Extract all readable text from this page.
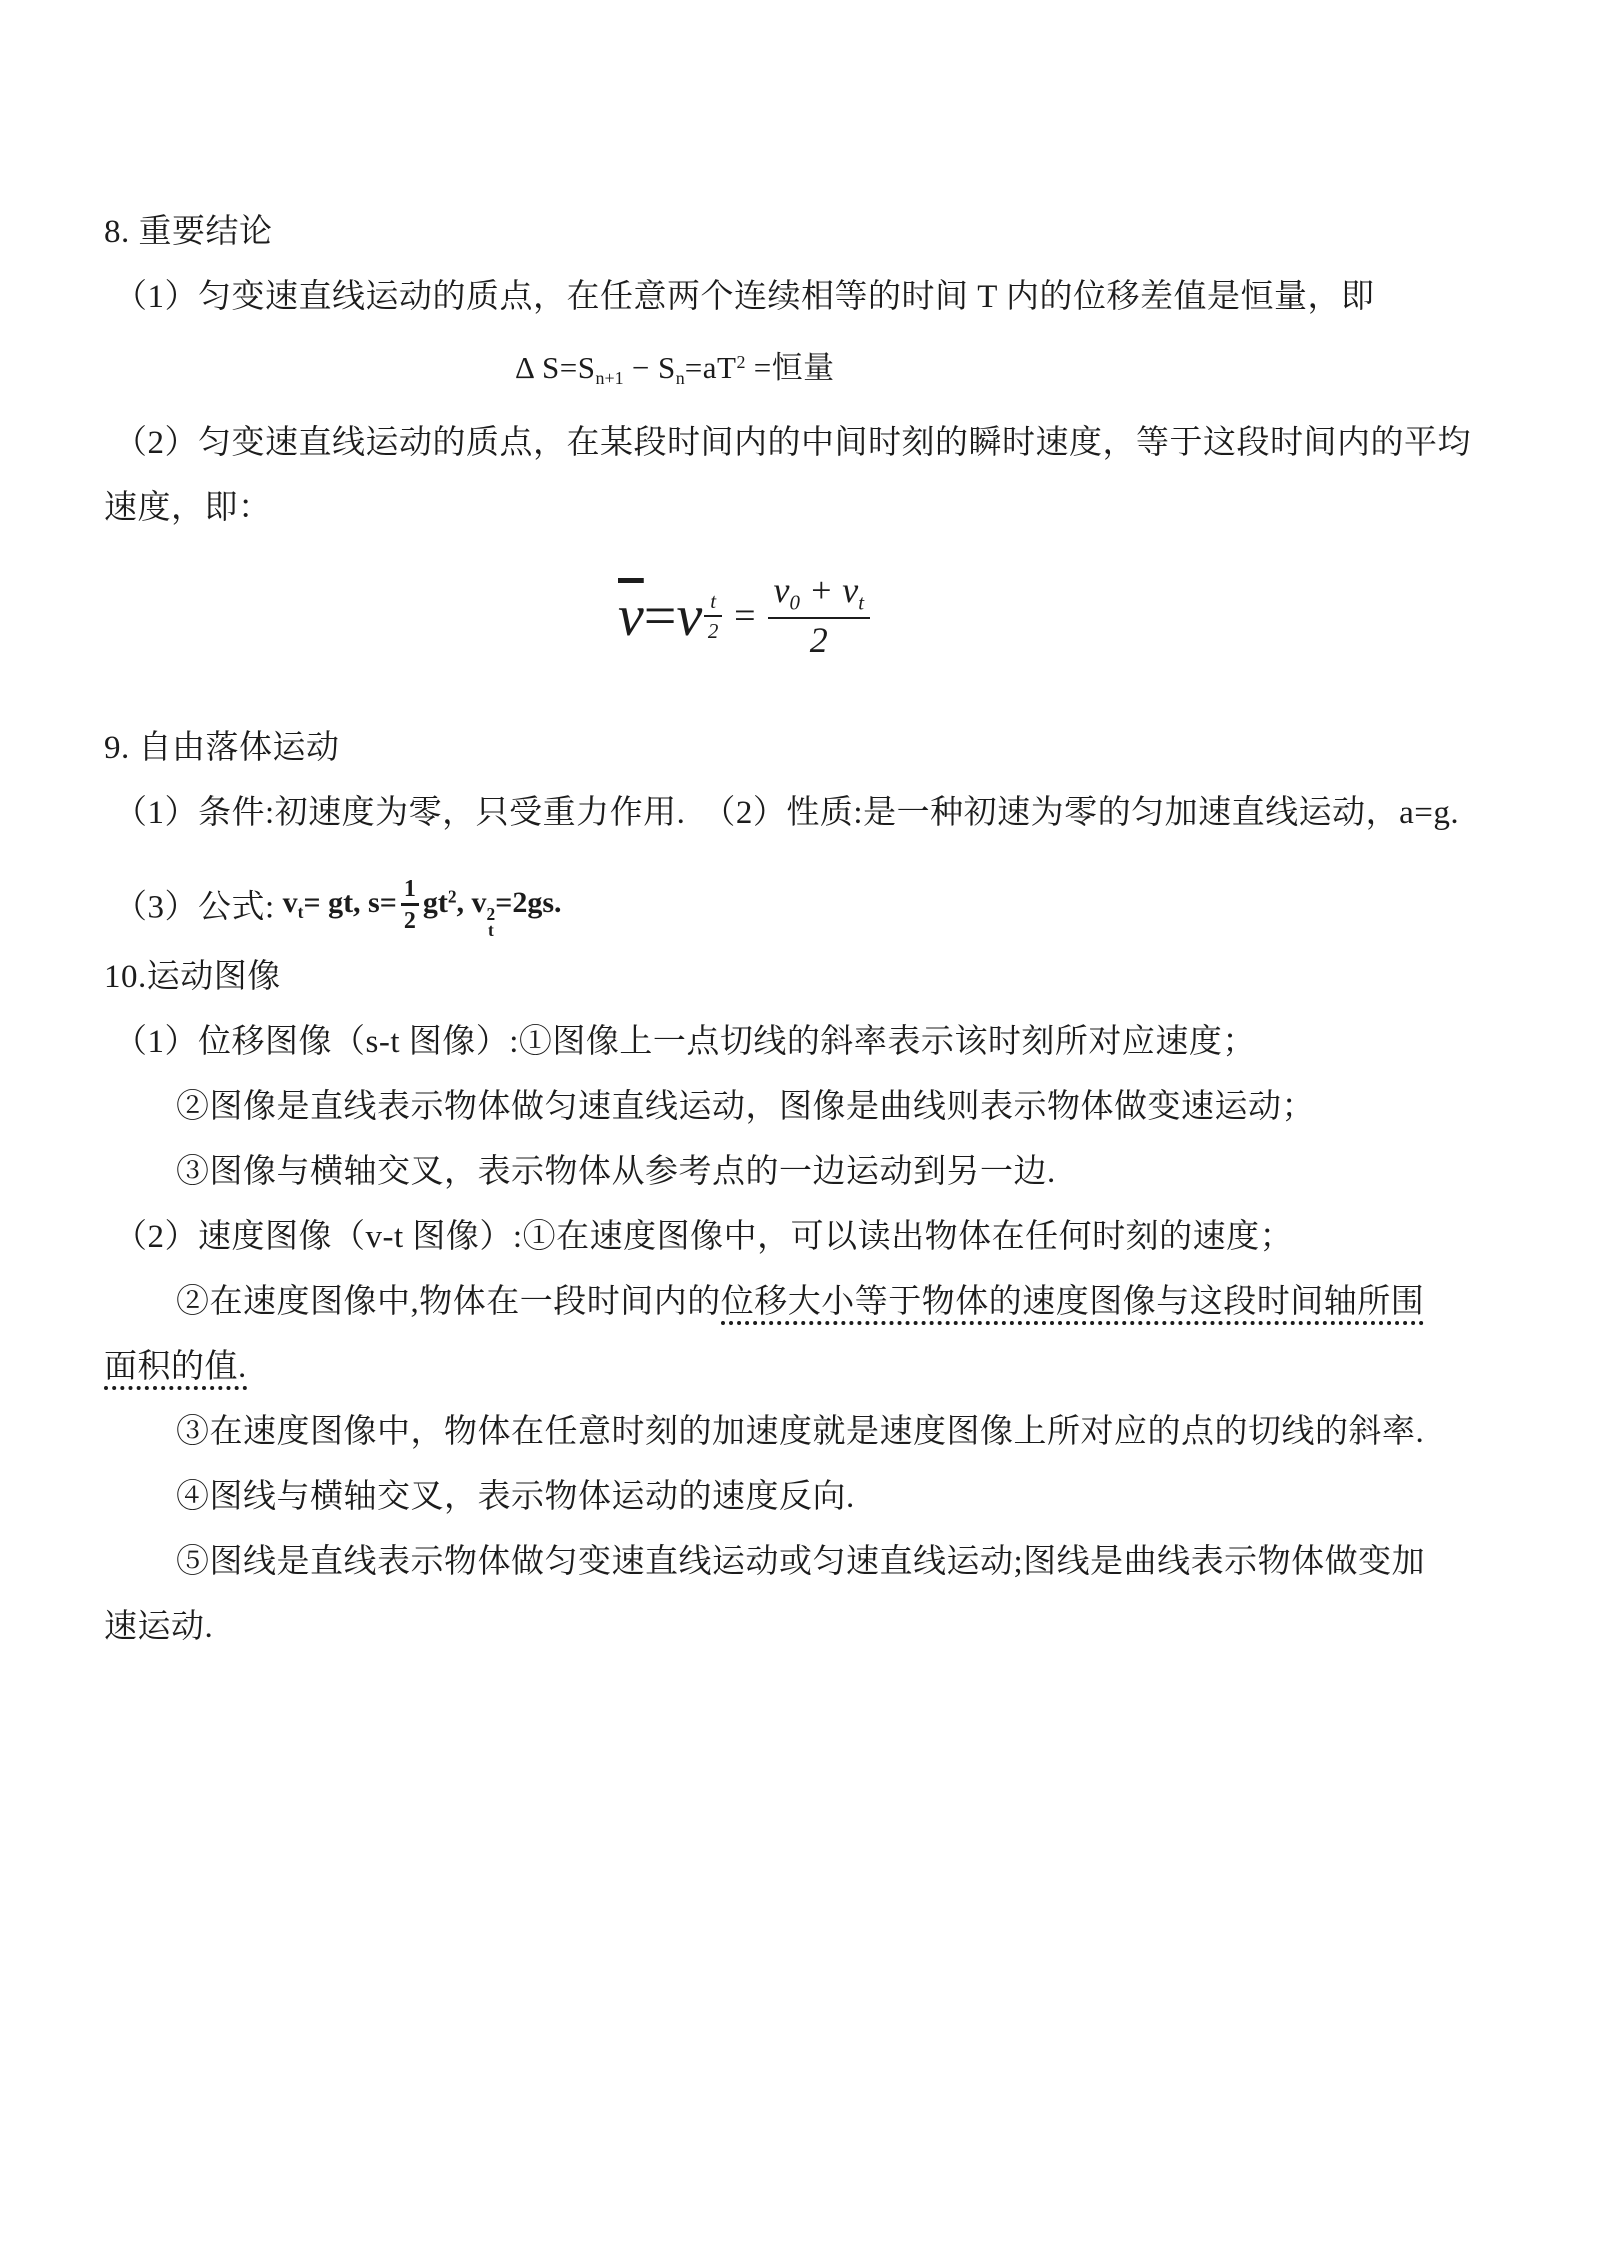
8. 重要结论
（1）匀变速直线运动的质点，在任意两个连续相等的时间 T 内的位移差值是恒量，即
Δ $S=S_{n+1} - S_n=aT^2$ =恒量
（2）匀变速直线运动的质点，在某段时间内的中间时刻的瞬时速度，等于这段时间内的平均
速度，即：
$\overline{v} = v \frac{t}{2} = \frac{v_0 + v_t}{2}$
9. 自由落体运动
（1）条件:初速度为零，只受重力作用.　（2）性质:是一种初速为零的匀加速直线运动，a=g.
（3）公式: $v_t=$ gt, $s= \frac{1}{2} gt^2$, v 2
t
=2gs.
10.运动图像
（1）位移图像（s-t 图像）:①图像上一点切线的斜率表示该时刻所对应速度；
②图像是直线表示物体做匀速直线运动，图像是曲线则表示物体做变速运动；
③图像与横轴交叉，表示物体从参考点的一边运动到另一边.
（2）速度图像（v-t 图像）:①在速度图像中，可以读出物体在任何时刻的速度；
②在速度图像中,物体在一段时间内的位移大小等于物体的速度图像与这段时间轴所围
面积的值.
③在速度图像中，物体在任意时刻的加速度就是速度图像上所对应的点的切线的斜率.
④图线与横轴交叉，表示物体运动的速度反向.
⑤图线是直线表示物体做匀变速直线运动或匀速直线运动;图线是曲线表示物体做变加
速运动.
